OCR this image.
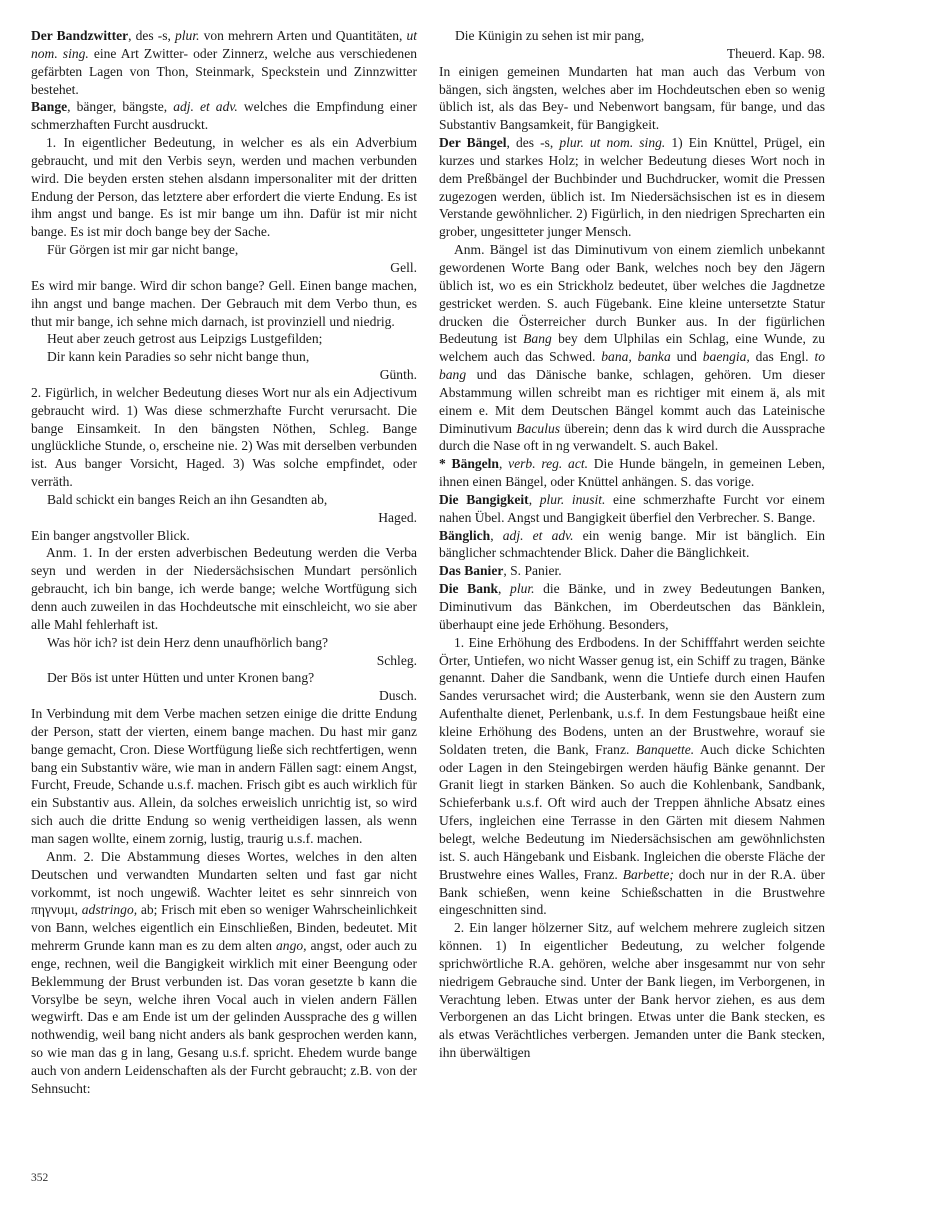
Der Bandzwitter, des -s, plur. von mehrern Arten und Quantitäten, ut nom. sing. eine Art Zwitter- oder Zinnerz, welche aus verschiedenen gefärbten Lagen von Thon, Steinmark, Speckstein und Zinnzwitter bestehet.

Bange, bänger, bängste, adj. et adv. welches die Empfindung einer schmerzhaften Furcht ausdruckt.

1. In eigentlicher Bedeutung, in welcher es als ein Adverbium gebraucht, und mit den Verbis seyn, werden und machen verbunden wird. Die beyden ersten stehen alsdann impersonaliter mit der dritten Endung der Person, das letztere aber erfordert die vierte Endung. Es ist ihm angst und bange. Es ist mir bange um ihn. Dafür ist mir nicht bange. Es ist mir doch bange bey der Sache.

Für Görgen ist mir gar nicht bange,

Gell.

Es wird mir bange. Wird dir schon bange? Gell. Einen bange machen, ihn angst und bange machen. Der Gebrauch mit dem Verbo thun, es thut mir bange, ich sehne mich darnach, ist provinziell und niedrig.

Heut aber zeuch getrost aus Leipzigs Lustgefilden;

Dir kann kein Paradies so sehr nicht bange thun,

Günth.

2. Figürlich, in welcher Bedeutung dieses Wort nur als ein Adjectivum gebraucht wird. 1) Was diese schmerzhafte Furcht verursacht. Die bange Einsamkeit. In den bängsten Nöthen, Schleg. Bange unglückliche Stunde, o, erscheine nie. 2) Was mit derselben verbunden ist. Aus banger Vorsicht, Haged. 3) Was solche empfindet, oder verräth.

Bald schickt ein banges Reich an ihn Gesandten ab,

Haged.

Ein banger angstvoller Blick.

Anm. 1. In der ersten adverbischen Bedeutung werden die Verba seyn und werden in der Niedersächsischen Mundart persönlich gebraucht, ich bin bange, ich werde bange; welche Wortfügung sich denn auch zuweilen in das Hochdeutsche mit einschleicht, wo sie aber alle Mahl fehlerhaft ist.

Was hör ich? ist dein Herz denn unaufhörlich bang?

Schleg.

Der Bös ist unter Hütten und unter Kronen bang?

Dusch.

In Verbindung mit dem Verbe machen setzen einige die dritte Endung der Person, statt der vierten, einem bange machen. Du hast mir ganz bange gemacht, Cron. Diese Wortfügung ließe sich rechtfertigen, wenn bang ein Substantiv wäre, wie man in andern Fällen sagt: einem Angst, Furcht, Freude, Schande u.s.f. machen. Frisch gibt es auch wirklich für ein Substantiv aus. Allein, da solches erweislich unrichtig ist, so wird sich auch die dritte Endung so wenig vertheidigen lassen, als wenn man sagen wollte, einem zornig, lustig, traurig u.s.f. machen.

Anm. 2. Die Abstammung dieses Wortes, welches in den alten Deutschen und verwandten Mundarten selten und fast gar nicht vorkommt, ist noch ungewiß. Wachter leitet es sehr sinnreich von πηγνυμι, adstringo, ab; Frisch mit eben so weniger Wahrscheinlichkeit von Bann, welches eigentlich ein Einschließen, Binden, bedeutet. Mit mehrerm Grunde kann man es zu dem alten ango, angst, oder auch zu enge, rechnen, weil die Bangigkeit wirklich mit einer Beengung oder Beklemmung der Brust verbunden ist. Das voran gesetzte b kann die Vorsylbe be seyn, welche ihren Vocal auch in vielen andern Fällen wegwirft. Das e am Ende ist um der gelinden Aussprache des g willen nothwendig, weil bang nicht anders als bank gesprochen werden kann, so wie man das g in lang, Gesang u.s.f. spricht. Ehedem wurde bange auch von andern Leidenschaften als der Furcht gebraucht; z.B. von der Sehnsucht:

Die Künigin zu sehen ist mir pang,

Theuerd. Kap. 98.

In einigen gemeinen Mundarten hat man auch das Verbum von bängen, sich ängsten, welches aber im Hochdeutschen eben so wenig üblich ist, als das Bey- und Nebenwort bangsam, für bange, und das Substantiv Bangsamkeit, für Bangigkeit.

Der Bängel, des -s, plur. ut nom. sing. 1) Ein Knüttel, Prügel, ein kurzes und starkes Holz; in welcher Bedeutung dieses Wort noch in dem Preßbängel der Buchbinder und Buchdrucker, womit die Pressen zugezogen werden, üblich ist. Im Niedersächsischen ist es in diesem Verstande gewöhnlicher. 2) Figürlich, in den niedrigen Sprecharten ein grober, ungesitteter junger Mensch.

Anm. Bängel ist das Diminutivum von einem ziemlich unbekannt gewordenen Worte Bang oder Bank, welches noch bey den Jägern üblich ist, wo es ein Strickholz bedeutet, über welches die Jagdnetze gestricket werden. S. auch Fügebank. Eine kleine untersetzte Statur drucken die Österreicher durch Bunker aus. In der figürlichen Bedeutung ist Bang bey dem Ulphilas ein Schlag, eine Wunde, zu welchem auch das Schwed. bana, banka und baengia, das Engl. to bang und das Dänische banke, schlagen, gehören. Um dieser Abstammung willen schreibt man es richtiger mit einem ä, als mit einem e. Mit dem Deutschen Bängel kommt auch das Lateinische Diminutivum Baculus überein; denn das k wird durch die Aussprache durch die Nase oft in ng verwandelt. S. auch Bakel.

* Bängeln, verb. reg. act. Die Hunde bängeln, in gemeinen Leben, ihnen einen Bängel, oder Knüttel anhängen. S. das vorige.

Die Bangigkeit, plur. inusit. eine schmerzhafte Furcht vor einem nahen Übel. Angst und Bangigkeit überfiel den Verbrecher. S. Bange.

Bänglich, adj. et adv. ein wenig bange. Mir ist bänglich. Ein bänglicher schmachtender Blick. Daher die Bänglichkeit.

Das Banier, S. Panier.

Die Bank, plur. die Bänke, und in zwey Bedeutungen Banken, Diminutivum das Bänkchen, im Oberdeutschen das Bänklein, überhaupt eine jede Erhöhung. Besonders,

1. Eine Erhöhung des Erdbodens. In der Schifffahrt werden seichte Örter, Untiefen, wo nicht Wasser genug ist, ein Schiff zu tragen, Bänke genannt. Daher die Sandbank, wenn die Untiefe durch einen Haufen Sandes verursachet wird; die Austerbank, wenn sie den Austern zum Aufenthalte dienet, Perlenbank, u.s.f. In dem Festungsbaue heißt eine kleine Erhöhung des Bodens, unten an der Brustwehre, worauf sie Soldaten treten, die Bank, Franz. Banquette. Auch dicke Schichten oder Lagen in den Steingebirgen werden häufig Bänke genannt. Der Granit liegt in starken Bänken. So auch die Kohlenbank, Sandbank, Schieferbank u.s.f. Oft wird auch der Treppen ähnliche Absatz eines Ufers, ingleichen eine Terrasse in den Gärten mit diesem Nahmen belegt, welche Bedeutung im Niedersächsischen am gewöhnlichsten ist. S. auch Hängebank und Eisbank. Ingleichen die oberste Fläche der Brustwehre eines Walles, Franz. Barbette; doch nur in der R.A. über Bank schießen, wenn keine Schießschatten in die Brustwehre eingeschnitten sind.

2. Ein langer hölzerner Sitz, auf welchem mehrere zugleich sitzen können. 1) In eigentlicher Bedeutung, zu welcher folgende sprichwörtliche R.A. gehören, welche aber insgesammt nur von sehr niedrigem Gebrauche sind. Unter der Bank liegen, im Verborgenen, in Verachtung leben. Etwas unter der Bank hervor ziehen, es aus dem Verborgenen an das Licht bringen. Etwas unter die Bank stecken, es als etwas Verächtliches verbergen. Jemanden unter die Bank stecken, ihn überwältigen

352
